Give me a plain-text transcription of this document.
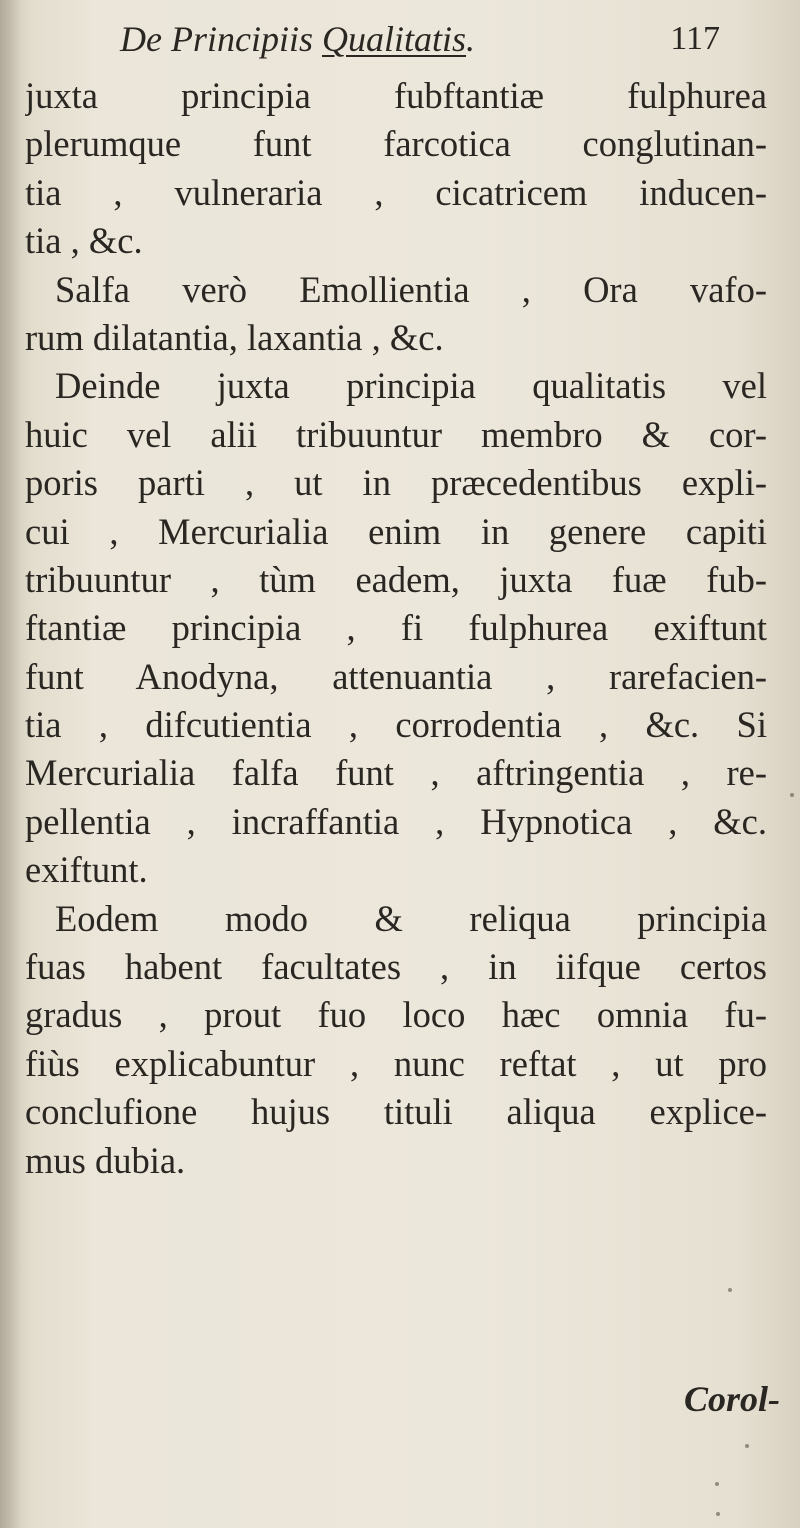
De Principiis Qualitatis.	117
juxta principia fubftantiæ fulphurea
plerumque funt farcotica conglutinan-
tia , vulneraria , cicatricem inducen-
tia , &c.
Salfa verò Emollientia , Ora vafo-
rum dilatantia, laxantia , &c.
Deinde juxta principia qualitatis vel
huic vel alii tribuuntur membro & cor-
poris parti , ut in præcedentibus expli-
cui , Mercurialia enim in genere capiti
tribuuntur , tùm eadem, juxta fuæ fub-
ftantiæ principia , fi fulphurea exiftunt
funt Anodyna, attenuantia , rarefacien-
tia , difcutientia , corrodentia , &c. Si
Mercurialia falfa funt , aftringentia , re-
pellentia , incraffantia , Hypnotica , &c.
exiftunt.
Eodem modo & reliqua principia
fuas habent facultates , in iifque certos
gradus , prout fuo loco hæc omnia fu-
fiùs explicabuntur , nunc reftat , ut pro
conclufione hujus tituli aliqua explice-
mus dubia.
Corol-
